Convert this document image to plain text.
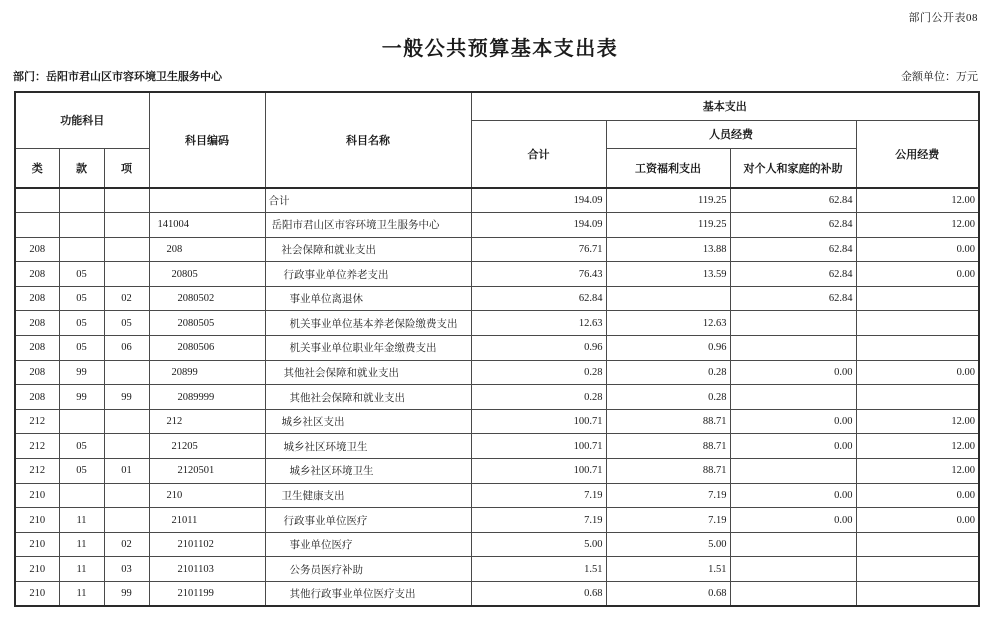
部门公开表08
一般公共预算基本支出表
部门：岳阳市君山区市容环境卫生服务中心	金额单位：万元
功能科目			科目编码	科目名称	基本支出			
					合计	人员经费		公用经费
类	款	项				工资福利支出	对个人和家庭的补助	
				合计	194.09	119.25	62.84	12.00
			141004	岳阳市君山区市容环境卫生服务中心	194.09	119.25	62.84	12.00
208			208	社会保障和就业支出	76.71	13.88	62.84	0.00
208	05		20805	行政事业单位养老支出	76.43	13.59	62.84	0.00
208	05	02	2080502	事业单位离退休	62.84		62.84	
208	05	05	2080505	机关事业单位基本养老保险缴费支出	12.63	12.63		
208	05	06	2080506	机关事业单位职业年金缴费支出	0.96	0.96		
208	99		20899	其他社会保障和就业支出	0.28	0.28	0.00	0.00
208	99	99	2089999	其他社会保障和就业支出	0.28	0.28		
212			212	城乡社区支出	100.71	88.71	0.00	12.00
212	05		21205	城乡社区环境卫生	100.71	88.71	0.00	12.00
212	05	01	2120501	城乡社区环境卫生	100.71	88.71		12.00
210			210	卫生健康支出	7.19	7.19	0.00	0.00
210	11		21011	行政事业单位医疗	7.19	7.19	0.00	0.00
210	11	02	2101102	事业单位医疗	5.00	5.00		
210	11	03	2101103	公务员医疗补助	1.51	1.51		
210	11	99	2101199	其他行政事业单位医疗支出	0.68	0.68		
